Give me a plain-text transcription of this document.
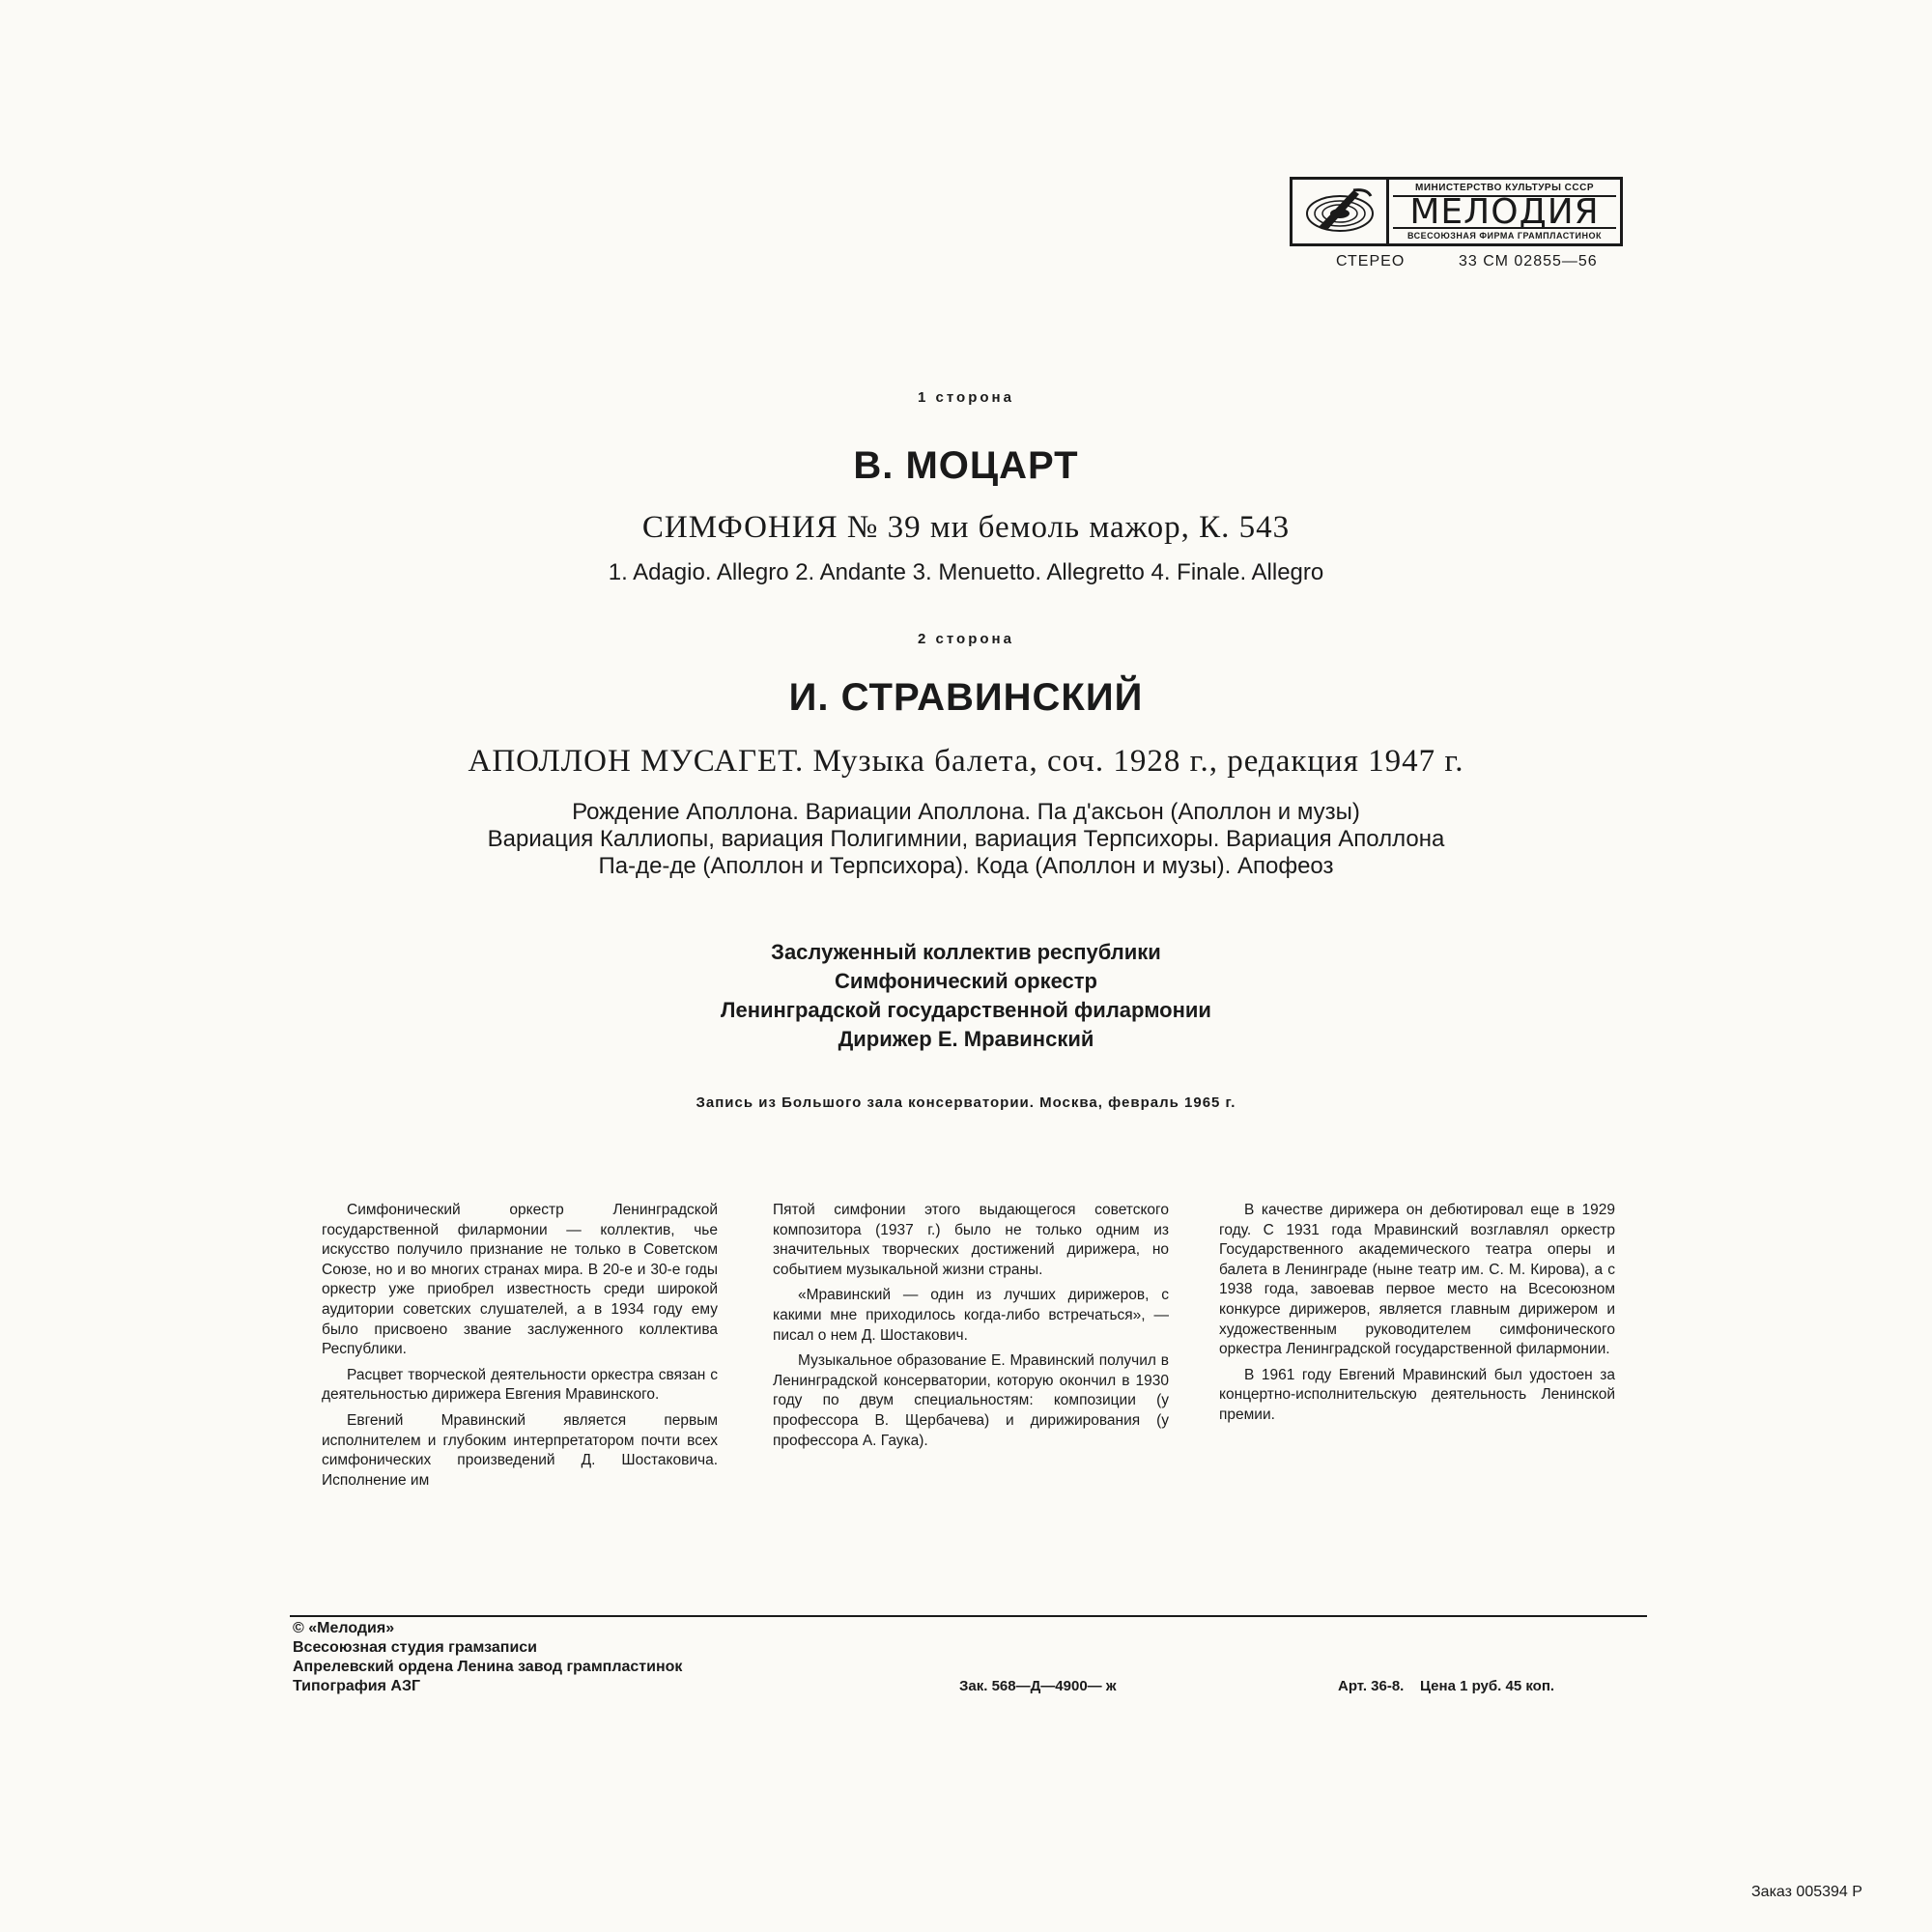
МИНИСТЕРСТВО КУЛЬТУРЫ СССР
МЕЛОДИЯ
ВСЕСОЮЗНАЯ ФИРМА ГРАМПЛАСТИНОК
СТЕРЕО	33 СМ 02855—56
1 сторона
В. МОЦАРТ
СИМФОНИЯ № 39 ми бемоль мажор, К. 543
1. Adagio. Allegro 2. Andante 3. Menuetto. Allegretto 4. Finale. Allegro
2 сторона
И. СТРАВИНСКИЙ
АПОЛЛОН МУСАГЕТ. Музыка балета, соч. 1928 г., редакция 1947 г.
Рождение Аполлона. Вариации Аполлона. Па д'аксьон (Аполлон и музы)
Вариация Каллиопы, вариация Полигимнии, вариация Терпсихоры. Вариация Аполлона
Па-де-де (Аполлон и Терпсихора). Кода (Аполлон и музы). Апофеоз
Заслуженный коллектив республики
Симфонический оркестр
Ленинградской государственной филармонии
Дирижер Е. Мравинский
Запись из Большого зала консерватории. Москва, февраль 1965 г.

Симфонический оркестр Ленинградской государственной филармонии — коллектив, чье искусство получило признание не только в Советском Союзе, но и во многих странах мира. В 20-е и 30-е годы оркестр уже приобрел известность среди широкой аудитории советских слушателей, а в 1934 году ему было присвоено звание заслуженного коллектива Республики.

Расцвет творческой деятельности оркестра связан с деятельностью дирижера Евгения Мравинского.

Евгений Мравинский является первым исполнителем и глубоким интерпретатором почти всех симфонических произведений Д. Шостаковича. Исполнение им

Пятой симфонии этого выдающегося советского композитора (1937 г.) было не только одним из значительных творческих достижений дирижера, но событием музыкальной жизни страны.

«Мравинский — один из лучших дирижеров, с какими мне приходилось когда-либо встречаться», — писал о нем Д. Шостакович.

Музыкальное образование Е. Мравинский получил в Ленинградской консерватории, которую окончил в 1930 году по двум специальностям: композиции (у профессора В. Щербачева) и дирижирования (у профессора А. Гаука).

В качестве дирижера он дебютировал еще в 1929 году. С 1931 года Мравинский возглавлял оркестр Государственного академического театра оперы и балета в Ленинграде (ныне театр им. С. М. Кирова), а с 1938 года, завоевав первое место на Всесоюзном конкурсе дирижеров, является главным дирижером и художественным руководителем симфонического оркестра Ленинградской государственной филармонии.

В 1961 году Евгений Мравинский был удостоен за концертно-исполнительскую деятельность Ленинской премии.

© «Мелодия»
Всесоюзная студия грамзаписи
Апрелевский ордена Ленина завод грампластинок
Типография АЗГ	Зак. 568—Д—4900— ж	Арт. 36-8. Цена 1 руб. 45 коп.
Заказ 005394 Р
